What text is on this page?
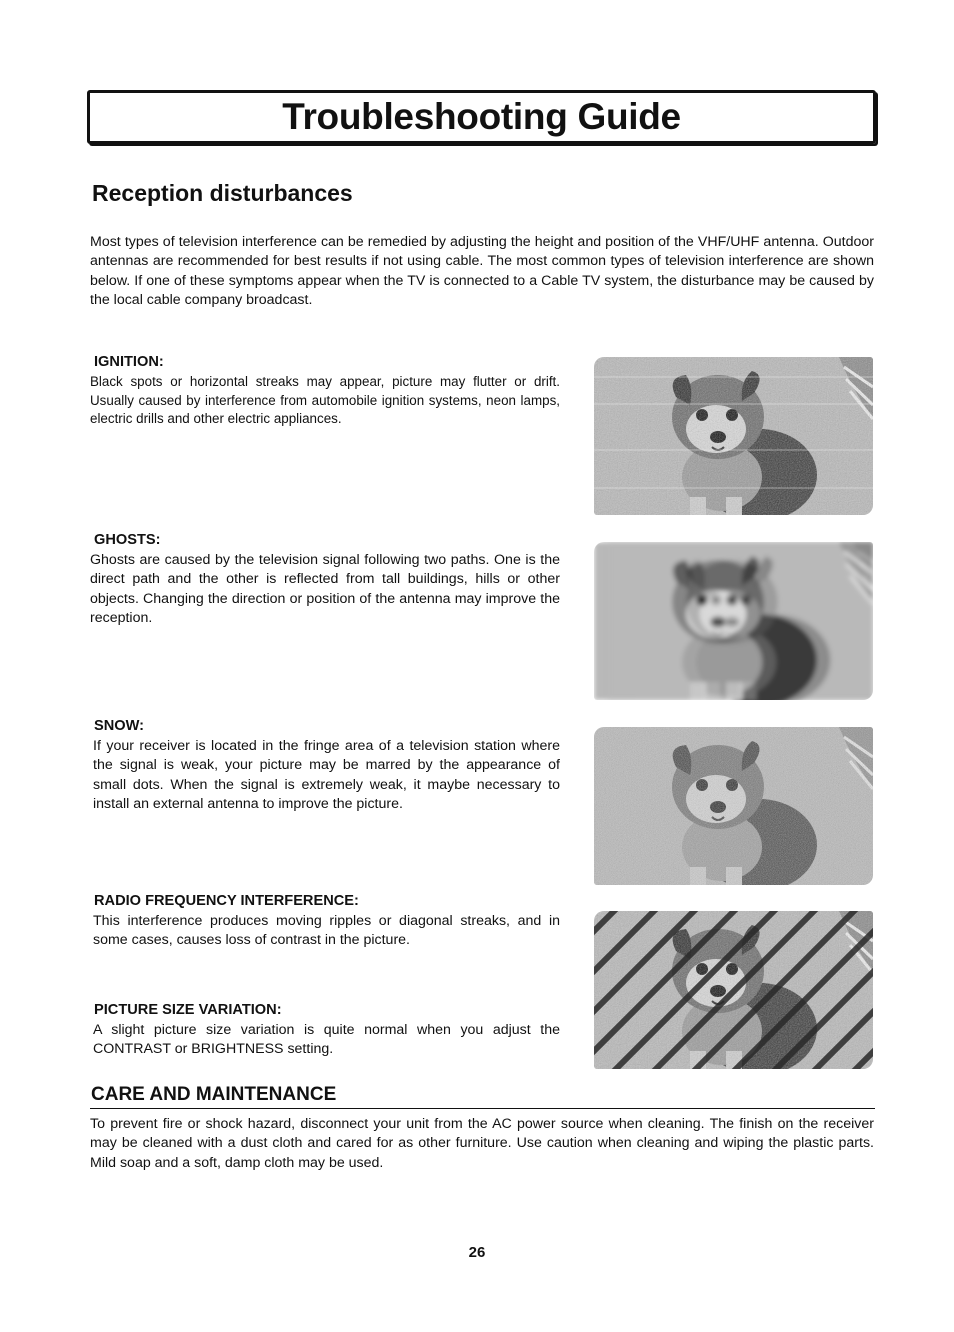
Troubleshooting Guide
Reception disturbances

Most types of television interference can be remedied by adjusting the height and position of the VHF/UHF antenna. Outdoor antennas are recommended for best results if not using cable. The most common types of television interference are shown below. If one of these symptoms appear when the TV is connected to a Cable TV system, the disturbance may be caused by the local cable company broadcast.

IGNITION:

Black spots or horizontal streaks may appear, picture may flutter or drift. Usually caused by interference from automobile ignition systems, neon lamps, electric drills and other electric appliances.

GHOSTS:

Ghosts are caused by the television signal following two paths. One is the direct path and the other is reflected from tall buildings, hills or other objects. Changing the direction or position of the antenna may improve the reception.

SNOW:

If your receiver is located in the fringe area of a television station where the signal is weak, your picture may be marred by the appearance of small dots. When the signal is extremely weak, it maybe necessary to install an external antenna to improve the picture.

RADIO FREQUENCY INTERFERENCE:

This interference produces moving ripples or diagonal streaks, and in some cases, causes loss of contrast in the picture.

PICTURE SIZE VARIATION:

A slight picture size variation is quite normal when you adjust the CONTRAST or BRIGHTNESS setting.

CARE AND MAINTENANCE

To prevent fire or shock hazard, disconnect your unit from the AC power source when cleaning. The finish on the receiver may be cleaned with a dust cloth and cared for as other furniture. Use caution when cleaning and wiping the plastic parts. Mild soap and a soft, damp cloth may be used.

26
